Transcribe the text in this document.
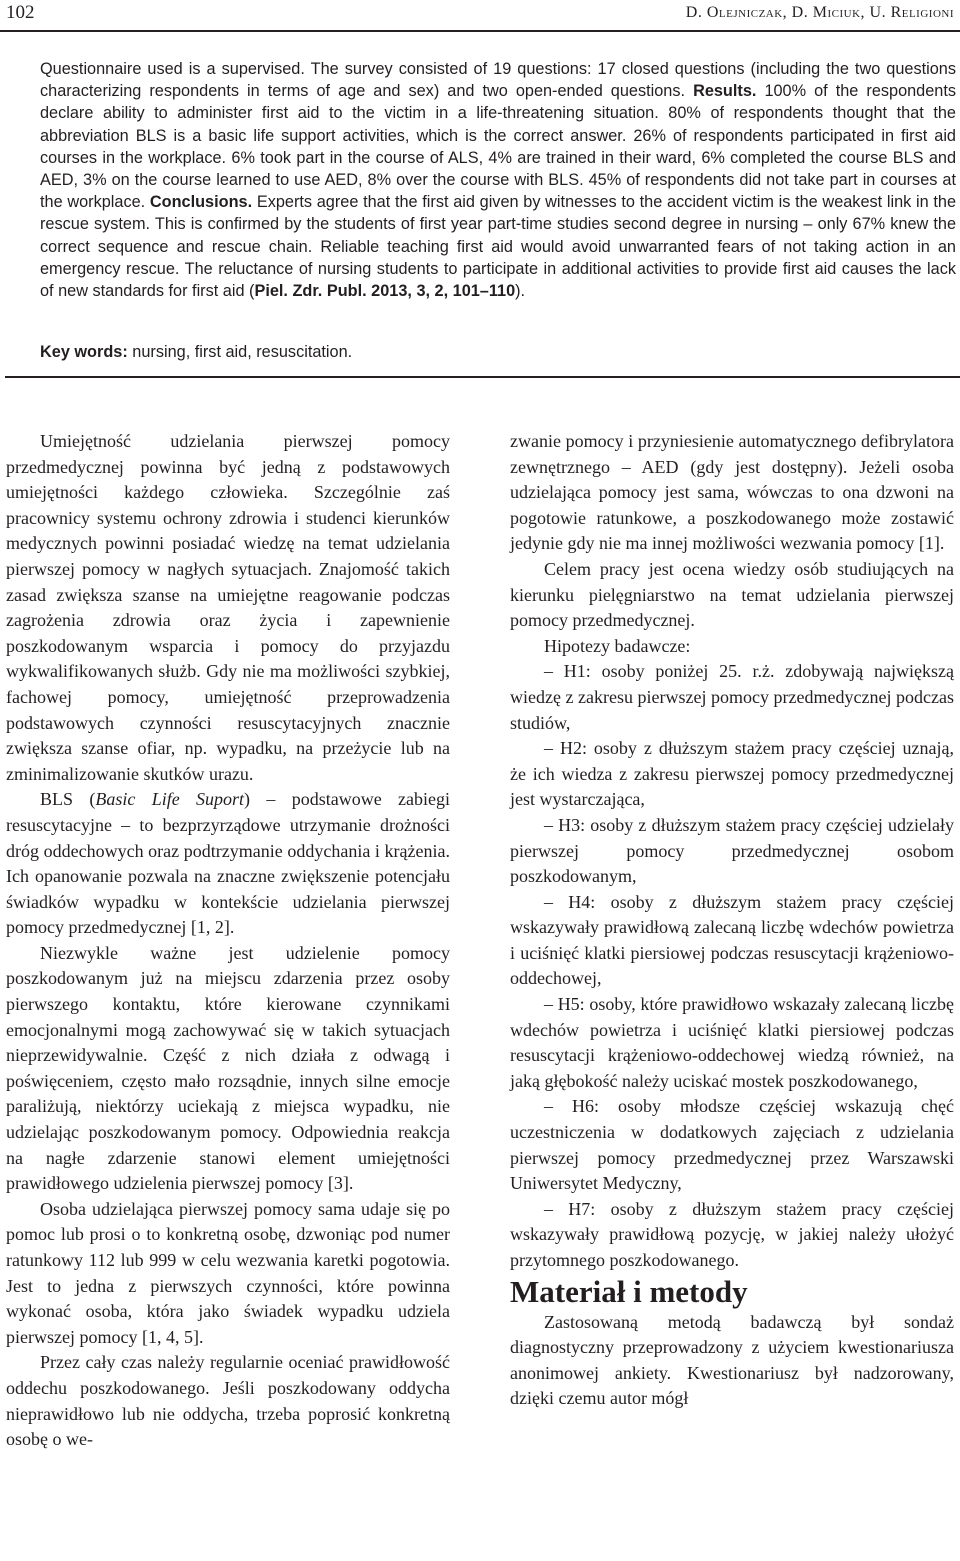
102	D. Olejniczak, D. Miciuk, U. Religioni

Questionnaire used is a supervised. The survey consisted of 19 questions: 17 closed questions (including the two questions characterizing respondents in terms of age and sex) and two open-ended questions. Results. 100% of the respondents declare ability to administer first aid to the victim in a life-threatening situation. 80% of respondents thought that the abbreviation BLS is a basic life support activities, which is the correct answer. 26% of respondents participated in first aid courses in the workplace. 6% took part in the course of ALS, 4% are trained in their ward, 6% completed the course BLS and AED, 3% on the course learned to use AED, 8% over the course with BLS. 45% of respondents did not take part in courses at the workplace. Conclusions. Experts agree that the first aid given by witnesses to the accident victim is the weakest link in the rescue system. This is confirmed by the students of first year part-time studies second degree in nursing – only 67% knew the correct sequence and rescue chain. Reliable teaching first aid would avoid unwarranted fears of not taking action in an emergency rescue. The reluctance of nursing students to participate in additional activities to provide first aid causes the lack of new standards for first aid (Piel. Zdr. Publ. 2013, 3, 2, 101–110).

Key words: nursing, first aid, resuscitation.

Umiejętność udzielania pierwszej pomocy przedmedycznej powinna być jedną z podstawowych umiejętności każdego człowieka. Szczególnie zaś pracownicy systemu ochrony zdrowia i studenci kierunków medycznych powinni posiadać wiedzę na temat udzielania pierwszej pomocy w nagłych sytuacjach. Znajomość takich zasad zwiększa szanse na umiejętne reagowanie podczas zagrożenia zdrowia oraz życia i zapewnienie poszkodowanym wsparcia i pomocy do przyjazdu wykwalifikowanych służb. Gdy nie ma możliwości szybkiej, fachowej pomocy, umiejętność przeprowadzenia podstawowych czynności resuscytacyjnych znacznie zwiększa szanse ofiar, np. wypadku, na przeżycie lub na zminimalizowanie skutków urazu.

BLS (Basic Life Suport) – podstawowe zabiegi resuscytacyjne – to bezprzyrządowe utrzymanie drożności dróg oddechowych oraz podtrzymanie oddychania i krążenia. Ich opanowanie pozwala na znaczne zwiększenie potencjału świadków wypadku w kontekście udzielania pierwszej pomocy przedmedycznej [1, 2].

Niezwykle ważne jest udzielenie pomocy poszkodowanym już na miejscu zdarzenia przez osoby pierwszego kontaktu, które kierowane czynnikami emocjonalnymi mogą zachowywać się w takich sytuacjach nieprzewidywalnie. Część z nich działa z odwagą i poświęceniem, często mało rozsądnie, innych silne emocje paraliżują, niektórzy uciekają z miejsca wypadku, nie udzielając poszkodowanym pomocy. Odpowiednia reakcja na nagłe zdarzenie stanowi element umiejętności prawidłowego udzielenia pierwszej pomocy [3].

Osoba udzielająca pierwszej pomocy sama udaje się po pomoc lub prosi o to konkretną osobę, dzwoniąc pod numer ratunkowy 112 lub 999 w celu wezwania karetki pogotowia. Jest to jedna z pierwszych czynności, które powinna wykonać osoba, która jako świadek wypadku udziela pierwszej pomocy [1, 4, 5].

Przez cały czas należy regularnie oceniać prawidłowość oddechu poszkodowanego. Jeśli poszkodowany oddycha nieprawidłowo lub nie oddycha, trzeba poprosić konkretną osobę o we-

zwanie pomocy i przyniesienie automatycznego defibrylatora zewnętrznego – AED (gdy jest dostępny). Jeżeli osoba udzielająca pomocy jest sama, wówczas to ona dzwoni na pogotowie ratunkowe, a poszkodowanego może zostawić jedynie gdy nie ma innej możliwości wezwania pomocy [1].

Celem pracy jest ocena wiedzy osób studiujących na kierunku pielęgniarstwo na temat udzielania pierwszej pomocy przedmedycznej.

Hipotezy badawcze:

– H1: osoby poniżej 25. r.ż. zdobywają największą wiedzę z zakresu pierwszej pomocy przedmedycznej podczas studiów,

– H2: osoby z dłuższym stażem pracy częściej uznają, że ich wiedza z zakresu pierwszej pomocy przedmedycznej jest wystarczająca,

– H3: osoby z dłuższym stażem pracy częściej udzielały pierwszej pomocy przedmedycznej osobom poszkodowanym,

– H4: osoby z dłuższym stażem pracy częściej wskazywały prawidłową zalecaną liczbę wdechów powietrza i uciśnięć klatki piersiowej podczas resuscytacji krążeniowo-oddechowej,

– H5: osoby, które prawidłowo wskazały zalecaną liczbę wdechów powietrza i uciśnięć klatki piersiowej podczas resuscytacji krążeniowo-oddechowej wiedzą również, na jaką głębokość należy uciskać mostek poszkodowanego,

– H6: osoby młodsze częściej wskazują chęć uczestniczenia w dodatkowych zajęciach z udzielania pierwszej pomocy przedmedycznej przez Warszawski Uniwersytet Medyczny,

– H7: osoby z dłuższym stażem pracy częściej wskazywały prawidłową pozycję, w jakiej należy ułożyć przytomnego poszkodowanego.

Materiał i metody

Zastosowaną metodą badawczą był sondaż diagnostyczny przeprowadzony z użyciem kwestionariusza anonimowej ankiety. Kwestionariusz był nadzorowany, dzięki czemu autor mógł
